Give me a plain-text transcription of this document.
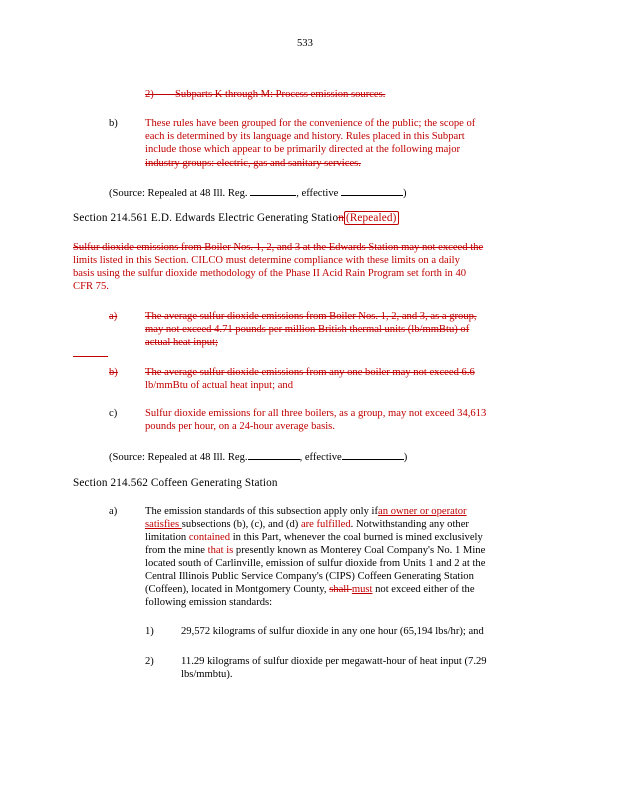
533
2) Subparts K through M: Process emission sources.
b)	These rules have been grouped for the convenience of the public; the scope of
each is determined by its language and history. Rules placed in this Subpart
include those which appear to be primarily directed at the following major
industry groups: electric, gas and sanitary services.
(Source: Repealed at 48 Ill. Reg.	, effective	)
Section 214.561 E.D. Edwards Electric Generating Station (Repealed)
Sulfur dioxide emissions from Boiler Nos. 1, 2, and 3 at the Edwards Station may not exceed the
limits listed in this Section. CILCO must determine compliance with these limits on a daily
basis using the sulfur dioxide methodology of the Phase II Acid Rain Program set forth in 40
CFR 75.
a)	The average sulfur dioxide emissions from Boiler Nos. 1, 2, and 3, as a group,
may not exceed 4.71 pounds per million British thermal units (lb/mmBtu) of
actual heat input;
b)	The average sulfur dioxide emissions from any one boiler may not exceed 6.6
lb/mmBtu of actual heat input; and
c)	Sulfur dioxide emissions for all three boilers, as a group, may not exceed 34,613
pounds per hour, on a 24-hour average basis.
(Source: Repealed at 48 Ill. Reg.	, effective	)
Section 214.562 Coffeen Generating Station
a)	The emission standards of this subsection apply only ifan owner or operator
satisfies subsections (b), (c), and (d) are fulfilled. Notwithstanding any other
limitation contained in this Part, whenever the coal burned is mined exclusively
from the mine that is presently known as Monterey Coal Company's No. 1 Mine
located south of Carlinville, emission of sulfur dioxide from Units 1 and 2 at the
Central Illinois Public Service Company's (CIPS) Coffeen Generating Station
(Coffeen), located in Montgomery County, shall must not exceed either of the
following emission standards:
1)	29,572 kilograms of sulfur dioxide in any one hour (65,194 lbs/hr); and
2)	11.29 kilograms of sulfur dioxide per megawatt-hour of heat input (7.29
lbs/mmbtu).
